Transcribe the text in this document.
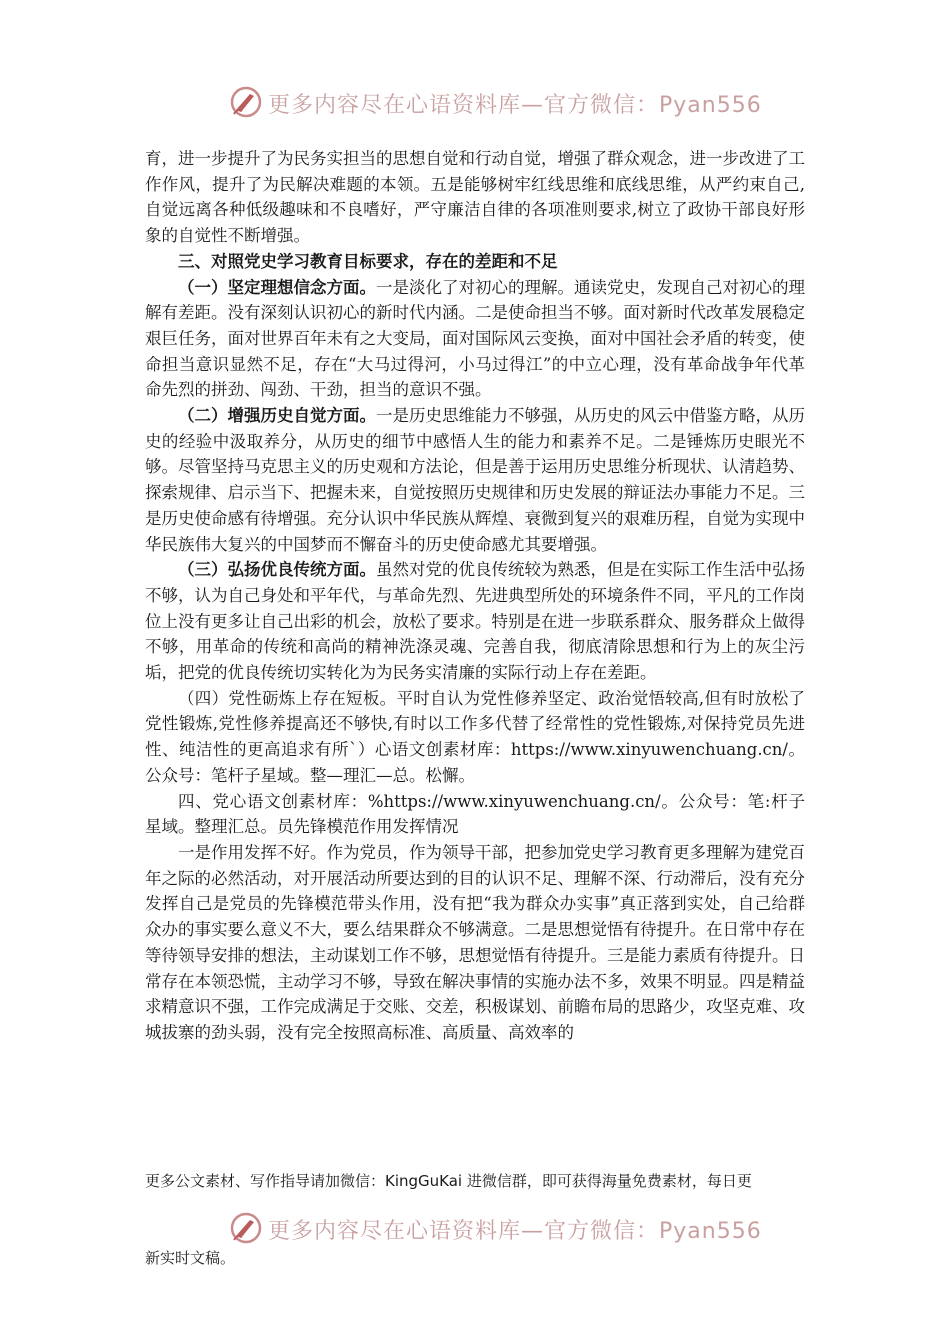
更多内容尽在心语资料库—官方微信：Pyan556

育，进一步提升了为民务实担当的思想自觉和行动自觉，增强了群众观念，进一步改进了工作作风，提升了为民解决难题的本领。五是能够树牢红线思维和底线思维，从严约束自己,自觉远离各种低级趣味和不良嗜好，严守廉洁自律的各项准则要求,树立了政协干部良好形象的自觉性不断增强。

三、对照党史学习教育目标要求，存在的差距和不足

（一）坚定理想信念方面。一是淡化了对初心的理解。通读党史，发现自己对初心的理解有差距。没有深刻认识初心的新时代内涵。二是使命担当不够。面对新时代改革发展稳定艰巨任务，面对世界百年未有之大变局，面对国际风云变换，面对中国社会矛盾的转变，使命担当意识显然不足，存在“大马过得河，小马过得江”的中立心理，没有革命战争年代革命先烈的拼劲、闯劲、干劲，担当的意识不强。

（二）增强历史自觉方面。一是历史思维能力不够强，从历史的风云中借鉴方略，从历史的经验中汲取养分，从历史的细节中感悟人生的能力和素养不足。二是锤炼历史眼光不够。尽管坚持马克思主义的历史观和方法论，但是善于运用历史思维分析现状、认清趋势、探索规律、启示当下、把握未来，自觉按照历史规律和历史发展的辩证法办事能力不足。三是历史使命感有待增强。充分认识中华民族从辉煌、衰微到复兴的艰难历程，自觉为实现中华民族伟大复兴的中国梦而不懈奋斗的历史使命感尤其要增强。

（三）弘扬优良传统方面。虽然对党的优良传统较为熟悉，但是在实际工作生活中弘扬不够，认为自己身处和平年代，与革命先烈、先进典型所处的环境条件不同，平凡的工作岗位上没有更多让自己出彩的机会，放松了要求。特别是在进一步联系群众、服务群众上做得不够，用革命的传统和高尚的精神洗涤灵魂、完善自我，彻底清除思想和行为上的灰尘污垢，把党的优良传统切实转化为为民务实清廉的实际行动上存在差距。

（四）党性砺炼上存在短板。平时自认为党性修养坚定、政治觉悟较高,但有时放松了党性锻炼,党性修养提高还不够快,有时以工作多代替了经常性的党性锻炼,对保持党员先进性、纯洁性的更高追求有所`）心语文创素材库：https://www.xinyuwenchuang.cn/。公众号：笔杆子星域。整—理汇—总。松懈。

四、党心语文创素材库：%https://www.xinyuwenchuang.cn/。公众号：笔:杆子星域。整理汇总。员先锋模范作用发挥情况

一是作用发挥不好。作为党员，作为领导干部，把参加党史学习教育更多理解为建党百年之际的必然活动，对开展活动所要达到的目的认识不足、理解不深、行动滞后，没有充分发挥自己是党员的先锋模范带头作用，没有把“我为群众办实事”真正落到实处，自己给群众办的事实要么意义不大，要么结果群众不够满意。二是思想觉悟有待提升。在日常中存在等待领导安排的想法，主动谋划工作不够，思想觉悟有待提升。三是能力素质有待提升。日常存在本领恐慌，主动学习不够，导致在解决事情的实施办法不多，效果不明显。四是精益求精意识不强，工作完成满足于交账、交差，积极谋划、前瞻布局的思路少，攻坚克难、攻城拔寨的劲头弱，没有完全按照高标准、高质量、高效率的

更多公文素材、写作指导请加微信：KingGuKai 进微信群，即可获得海量免费素材，每日更
更多内容尽在心语资料库—官方微信：Pyan556
新实时文稿。
